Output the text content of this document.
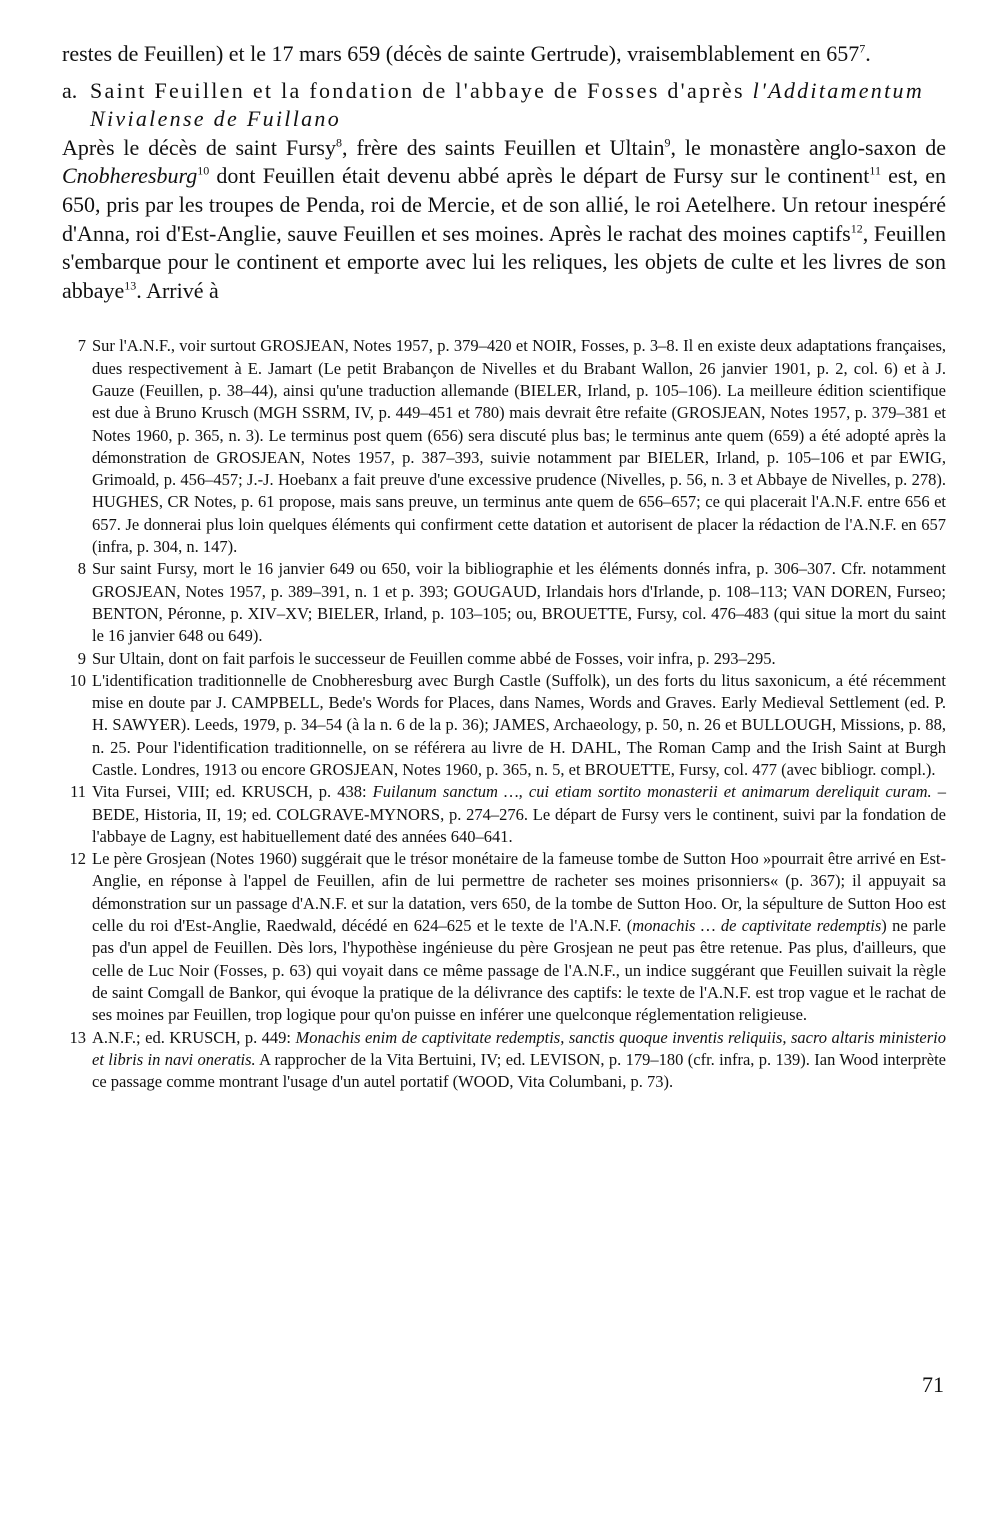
restes de Feuillen) et le 17 mars 659 (décès de sainte Gertrude), vraisemblablement en $657^7$.

a. Saint Feuillen et la fondation de l'abbaye de Fosses d'après l'Additamentum Nivialense de Fuillano

Après le décès de saint Fursy$^8$, frère des saints Feuillen et Ultain$^9$, le monastère anglo-saxon de Cnobheresburg$^{10}$ dont Feuillen était devenu abbé après le départ de Fursy sur le continent$^{11}$ est, en 650, pris par les troupes de Penda, roi de Mercie, et de son allié, le roi Aetelhere. Un retour inespéré d'Anna, roi d'Est-Anglie, sauve Feuillen et ses moines. Après le rachat des moines captifs$^{12}$, Feuillen s'embarque pour le continent et emporte avec lui les reliques, les objets de culte et les livres de son abbaye$^{13}$. Arrivé à

7 Sur l'A.N.F., voir surtout GROSJEAN, Notes 1957, p. 379–420 et NOIR, Fosses, p. 3–8. Il en existe deux adaptations françaises, dues respectivement à E. Jamart (Le petit Brabançon de Nivelles et du Brabant Wallon, 26 janvier 1901, p. 2, col. 6) et à J. Gauze (Feuillen, p. 38–44), ainsi qu'une traduction allemande (BIELER, Irland, p. 105–106). La meilleure édition scientifique est due à Bruno Krusch (MGH SSRM, IV, p. 449–451 et 780) mais devrait être refaite (GROSJEAN, Notes 1957, p. 379–381 et Notes 1960, p. 365, n. 3). Le terminus post quem (656) sera discuté plus bas; le terminus ante quem (659) a été adopté après la démonstration de GROSJEAN, Notes 1957, p. 387–393, suivie notamment par BIELER, Irland, p. 105–106 et par EWIG, Grimoald, p. 456–457; J.-J. Hoebanx a fait preuve d'une excessive prudence (Nivelles, p. 56, n. 3 et Abbaye de Nivelles, p. 278). HUGHES, CR Notes, p. 61 propose, mais sans preuve, un terminus ante quem de 656–657; ce qui placerait l'A.N.F. entre 656 et 657. Je donnerai plus loin quelques éléments qui confirment cette datation et autorisent de placer la rédaction de l'A.N.F. en 657 (infra, p. 304, n. 147).
8 Sur saint Fursy, mort le 16 janvier 649 ou 650, voir la bibliographie et les éléments donnés infra, p. 306–307. Cfr. notamment GROSJEAN, Notes 1957, p. 389–391, n. 1 et p. 393; GOUGAUD, Irlandais hors d'Irlande, p. 108–113; VAN DOREN, Furseo; BENTON, Péronne, p. XIV–XV; BIELER, Irland, p. 103–105; ou, BROUETTE, Fursy, col. 476–483 (qui situe la mort du saint le 16 janvier 648 ou 649).
9 Sur Ultain, dont on fait parfois le successeur de Feuillen comme abbé de Fosses, voir infra, p. 293–295.
10 L'identification traditionnelle de Cnobheresburg avec Burgh Castle (Suffolk), un des forts du litus saxonicum, a été récemment mise en doute par J. CAMPBELL, Bede's Words for Places, dans Names, Words and Graves. Early Medieval Settlement (ed. P. H. SAWYER). Leeds, 1979, p. 34–54 (à la n. 6 de la p. 36); JAMES, Archaeology, p. 50, n. 26 et BULLOUGH, Missions, p. 88, n. 25. Pour l'identification traditionnelle, on se référera au livre de H. DAHL, The Roman Camp and the Irish Saint at Burgh Castle. Londres, 1913 ou encore GROSJEAN, Notes 1960, p. 365, n. 5, et BROUETTE, Fursy, col. 477 (avec bibliogr. compl.).
11 Vita Fursei, VIII; ed. KRUSCH, p. 438: Fuilanum sanctum …, cui etiam sortito monasterii et animarum dereliquit curam. – BEDE, Historia, II, 19; ed. COLGRAVE-MYNORS, p. 274–276. Le départ de Fursy vers le continent, suivi par la fondation de l'abbaye de Lagny, est habituellement daté des années 640–641.
12 Le père Grosjean (Notes 1960) suggérait que le trésor monétaire de la fameuse tombe de Sutton Hoo »pourrait être arrivé en Est-Anglie, en réponse à l'appel de Feuillen, afin de lui permettre de racheter ses moines prisonniers« (p. 367); il appuyait sa démonstration sur un passage d'A.N.F. et sur la datation, vers 650, de la tombe de Sutton Hoo. Or, la sépulture de Sutton Hoo est celle du roi d'Est-Anglie, Raedwald, décédé en 624–625 et le texte de l'A.N.F. (monachis … de captivitate redemptis) ne parle pas d'un appel de Feuillen. Dès lors, l'hypothèse ingénieuse du père Grosjean ne peut pas être retenue. Pas plus, d'ailleurs, que celle de Luc Noir (Fosses, p. 63) qui voyait dans ce même passage de l'A.N.F., un indice suggérant que Feuillen suivait la règle de saint Comgall de Bankor, qui évoque la pratique de la délivrance des captifs: le texte de l'A.N.F. est trop vague et le rachat de ses moines par Feuillen, trop logique pour qu'on puisse en inférer une quelconque réglementation religieuse.
13 A.N.F.; ed. KRUSCH, p. 449: Monachis enim de captivitate redemptis, sanctis quoque inventis reliquiis, sacro altaris ministerio et libris in navi oneratis. A rapprocher de la Vita Bertuini, IV; ed. LEVISON, p. 179–180 (cfr. infra, p. 139). Ian Wood interprète ce passage comme montrant l'usage d'un autel portatif (WOOD, Vita Columbani, p. 73).
71
